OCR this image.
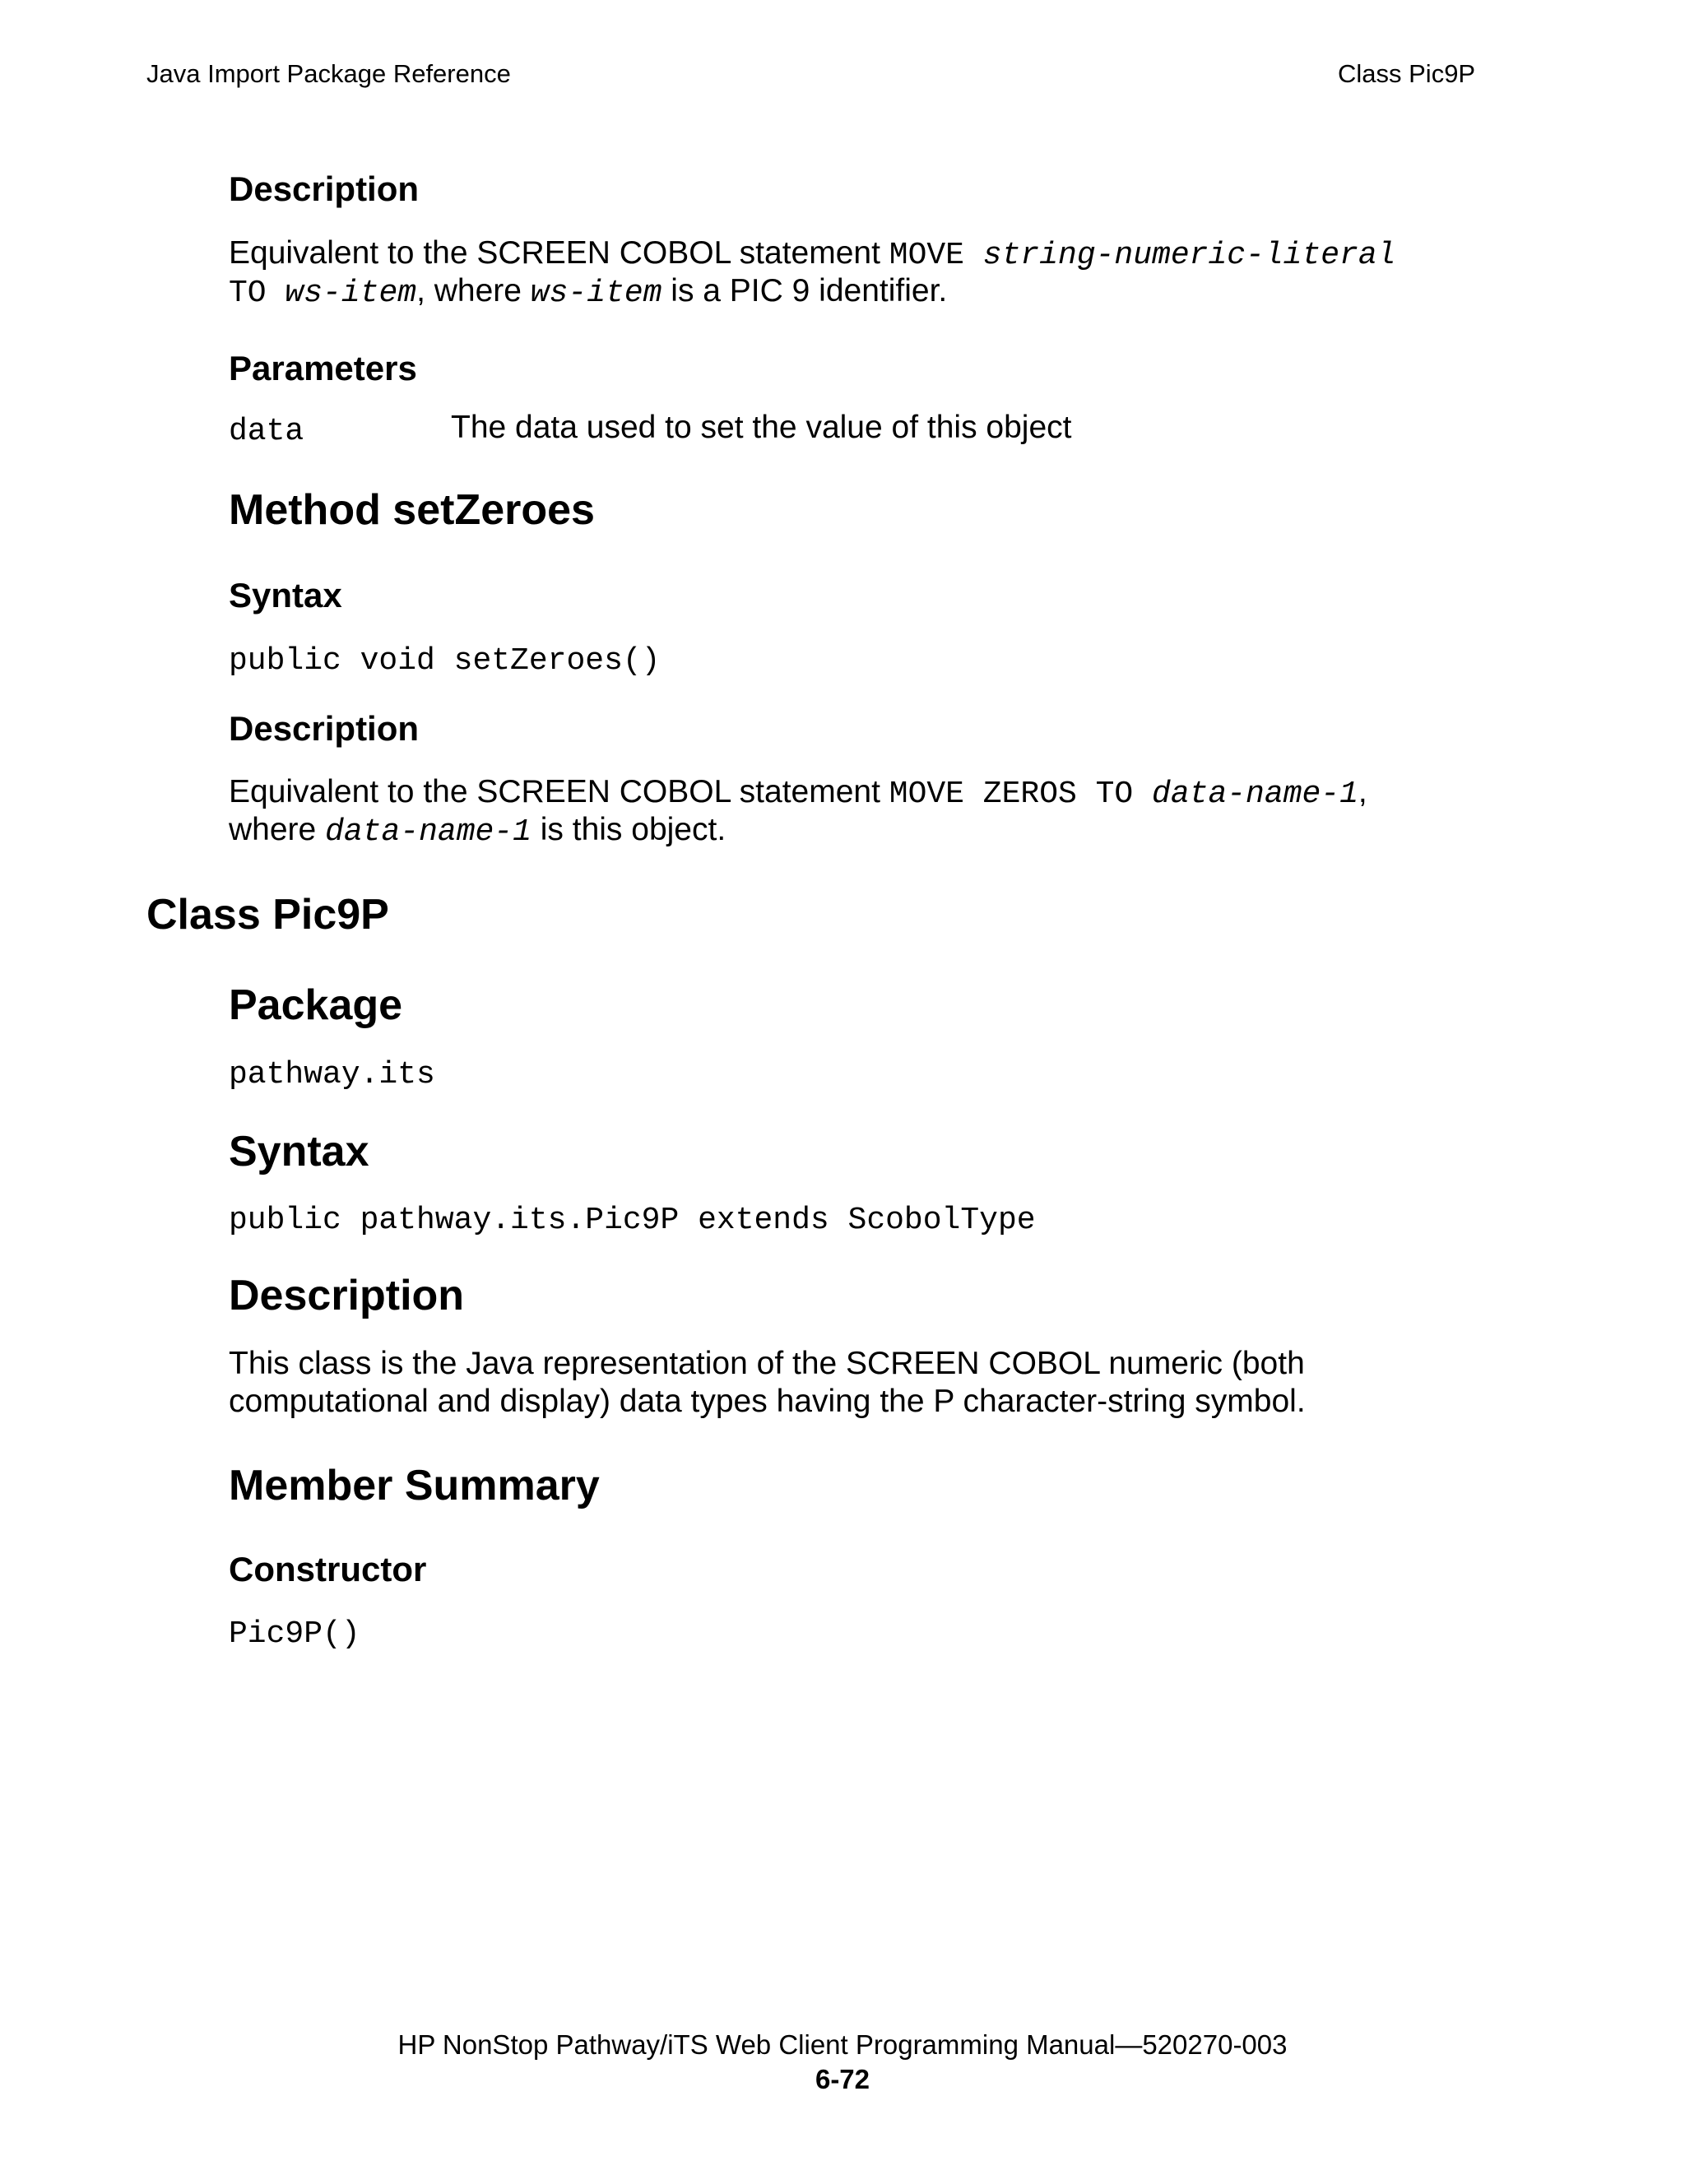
Java Import Package Reference	Class Pic9P
Description
Equivalent to the SCREEN COBOL statement MOVE string-numeric-literal
TO ws-item, where ws-item is a PIC 9 identifier.
Parameters
data	The data used to set the value of this object
Method setZeroes
Syntax
public void setZeroes()
Description
Equivalent to the SCREEN COBOL statement MOVE ZEROS TO data-name-1,
where data-name-1 is this object.
Class Pic9P
Package
pathway.its
Syntax
public pathway.its.Pic9P extends ScobolType
Description
This class is the Java representation of the SCREEN COBOL numeric (both
computational and display) data types having the P character-string symbol.
Member Summary
Constructor
Pic9P()
HP NonStop Pathway/iTS Web Client Programming Manual—520270-003
6-72
